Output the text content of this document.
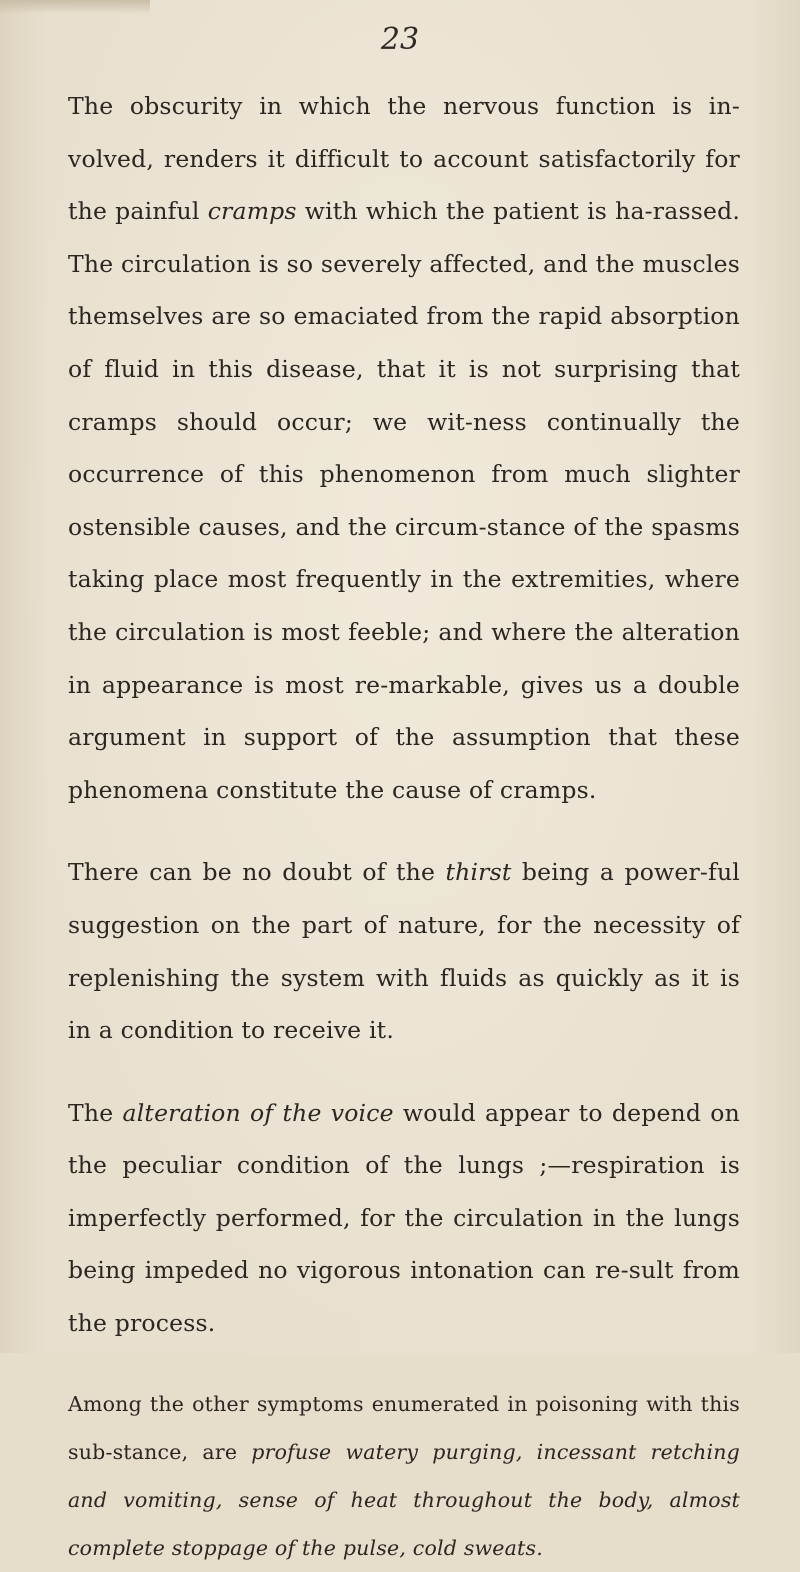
23

The obscurity in which the nervous function is in-volved, renders it difficult to account satisfactorily for the painful cramps with which the patient is ha-rassed. The circulation is so severely affected, and the muscles themselves are so emaciated from the rapid absorption of fluid in this disease, that it is not surprising that cramps should occur; we wit-ness continually the occurrence of this phenomenon from much slighter ostensible causes, and the circum-stance of the spasms taking place most frequently in the extremities, where the circulation is most feeble; and where the alteration in appearance is most re-markable, gives us a double argument in support of the assumption that these phenomena constitute the cause of cramps.

There can be no doubt of the thirst being a power-ful suggestion on the part of nature, for the necessity of replenishing the system with fluids as quickly as it is in a condition to receive it.

The alteration of the voice would appear to depend on the peculiar condition of the lungs ;—respiration is imperfectly performed, for the circulation in the lungs being impeded no vigorous intonation can re-sult from the process.

Among the other symptoms enumerated in poisoning with this sub-stance, are profuse watery purging, incessant retching and vomiting, sense of heat throughout the body, almost complete stoppage of the pulse, cold sweats.
